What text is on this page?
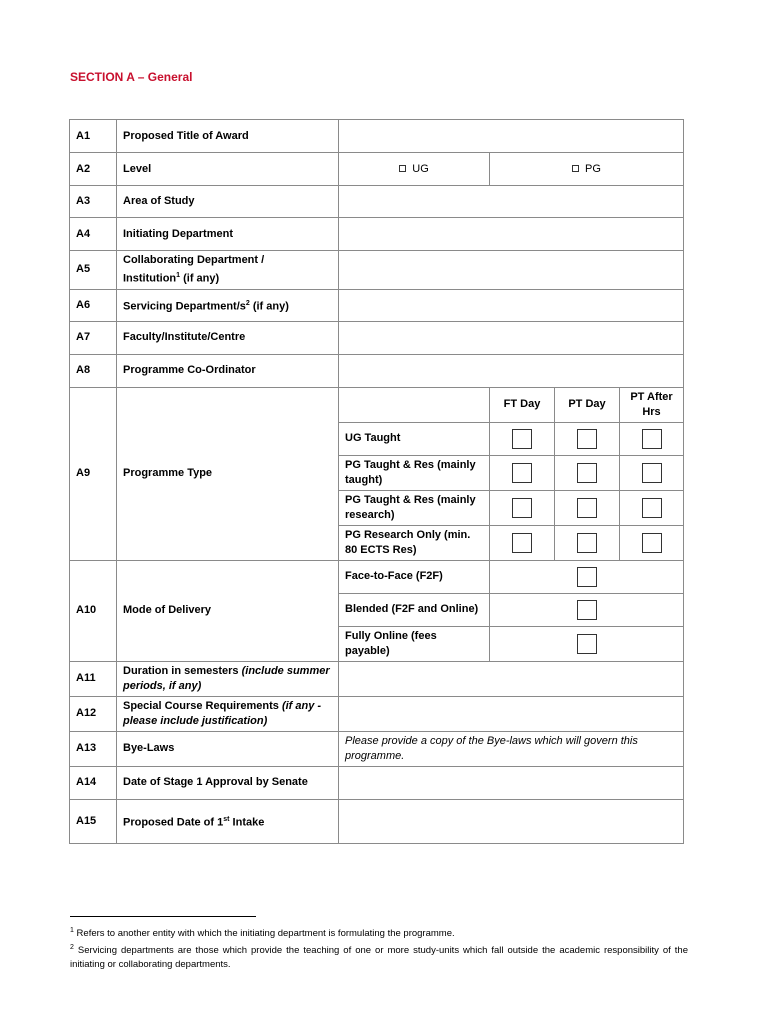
SECTION A – General
A1	Proposed Title of Award				
A2	Level	UG	PG		
A3	Area of Study				
A4	Initiating Department				
A5	Collaborating Department /
Institution$^1$ (if any)				
A6	Servicing Department/$s^2$ (if any)				
A7	Faculty/Institute/Centre				
A8	Programme Co-Ordinator				
A9	Programme Type		FT Day	PT Day	PT After Hrs
		UG Taught			
		PG Taught & Res (mainly taught)			
		PG Taught & Res (mainly research)			
		PG Research Only (min. 80 ECTS Res)			
A10	Mode of Delivery	Face-to-Face (F2F)			
		Blended (F2F and Online)			
		Fully Online (fees payable)			
A11	Duration in semesters (include summer periods, if any)				
A12	Special Course Requirements (if any - please include justification)				
A13	Bye-Laws	Please provide a copy of the Bye-laws which will govern this programme.			
A14	Date of Stage 1 Approval by Senate				
A15	Proposed Date of 1st Intake				
$^1$ Refers to another entity with which the initiating department is formulating the programme.
$^2$ Servicing departments are those which provide the teaching of one or more study-units which fall outside the academic responsibility of the initiating or collaborating departments.
